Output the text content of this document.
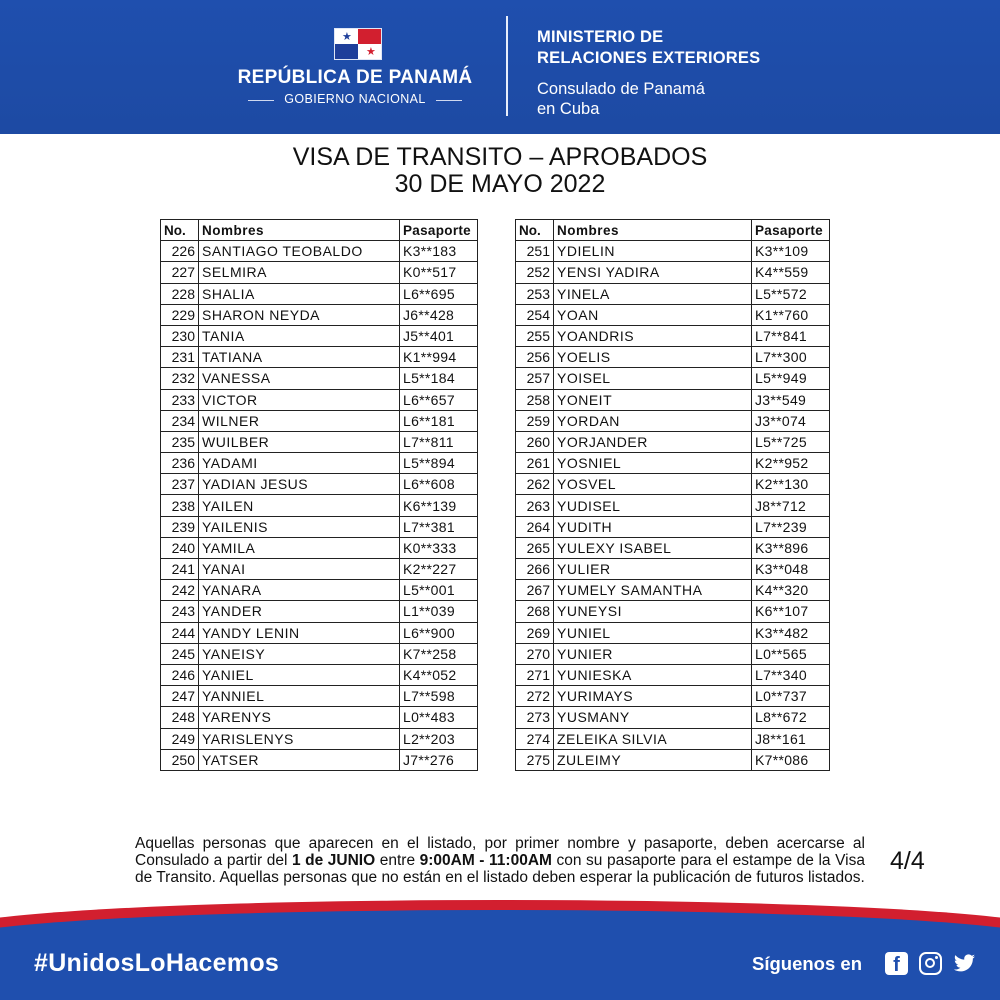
★
★
REPÚBLICA DE PANAMÁ
GOBIERNO NACIONAL
MINISTERIO DE
RELACIONES EXTERIORES
Consulado de Panamá
en Cuba
VISA DE TRANSITO – APROBADOS
30 DE MAYO 2022
No.	Nombres	Pasaporte
226	SANTIAGO TEOBALDO	K3**183
227	SELMIRA	K0**517
228	SHALIA	L6**695
229	SHARON NEYDA	J6**428
230	TANIA	J5**401
231	TATIANA	K1**994
232	VANESSA	L5**184
233	VICTOR	L6**657
234	WILNER	L6**181
235	WUILBER	L7**811
236	YADAMI	L5**894
237	YADIAN JESUS	L6**608
238	YAILEN	K6**139
239	YAILENIS	L7**381
240	YAMILA	K0**333
241	YANAI	K2**227
242	YANARA	L5**001
243	YANDER	L1**039
244	YANDY LENIN	L6**900
245	YANEISY	K7**258
246	YANIEL	K4**052
247	YANNIEL	L7**598
248	YARENYS	L0**483
249	YARISLENYS	L2**203
250	YATSER	J7**276
No.	Nombres	Pasaporte
251	YDIELIN	K3**109
252	YENSI YADIRA	K4**559
253	YINELA	L5**572
254	YOAN	K1**760
255	YOANDRIS	L7**841
256	YOELIS	L7**300
257	YOISEL	L5**949
258	YONEIT	J3**549
259	YORDAN	J3**074
260	YORJANDER	L5**725
261	YOSNIEL	K2**952
262	YOSVEL	K2**130
263	YUDISEL	J8**712
264	YUDITH	L7**239
265	YULEXY ISABEL	K3**896
266	YULIER	K3**048
267	YUMELY SAMANTHA	K4**320
268	YUNEYSI	K6**107
269	YUNIEL	K3**482
270	YUNIER	L0**565
271	YUNIESKA	L7**340
272	YURIMAYS	L0**737
273	YUSMANY	L8**672
274	ZELEIKA SILVIA	J8**161
275	ZULEIMY	K7**086
Aquellas personas que aparecen en el listado, por primer nombre y pasaporte, deben acercarse al Consulado a partir del 1 de JUNIO entre 9:00AM - 11:00AM con su pasaporte para el estampe de la Visa de Transito. Aquellas personas que no están en el listado deben esperar la publicación de futuros listados.
4/4
#UnidosLoHacemos	Síguenos en	f
